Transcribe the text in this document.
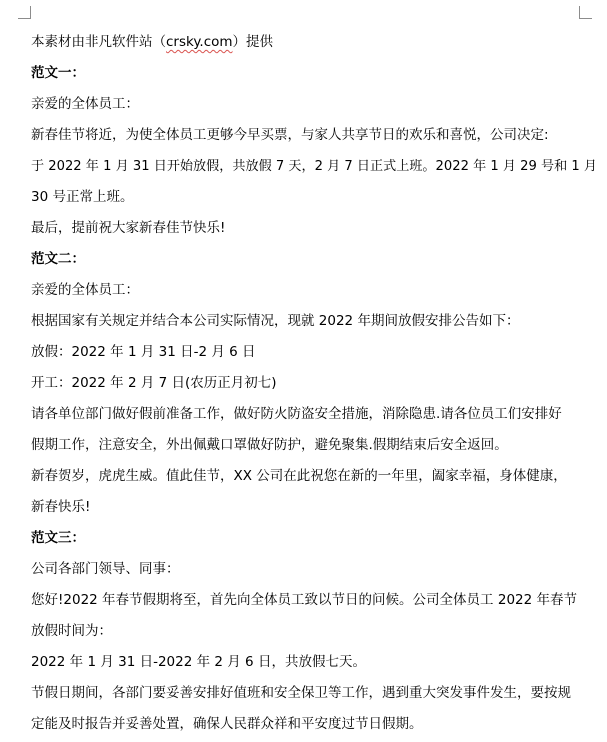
本素材由非凡软件站（crsky.com）提供
范文一：
亲爱的全体员工：
新春佳节将近，为使全体员工更够今早买票，与家人共享节日的欢乐和喜悦，公司决定:
于 2022 年 1 月 31 日开始放假，共放假 7 天，2 月 7 日正式上班。2022 年 1 月 29 号和 1 月
30 号正常上班。
最后，提前祝大家新春佳节快乐!
范文二：
亲爱的全体员工：
根据国家有关规定并结合本公司实际情况，现就 2022 年期间放假安排公告如下：
放假：2022 年 1 月 31 日-2 月 6 日
开工：2022 年 2 月 7 日(农历正月初七)
请各单位部门做好假前准备工作，做好防火防盗安全措施，消除隐患.请各位员工们安排好
假期工作，注意安全，外出佩戴口罩做好防护，避免聚集.假期结束后安全返回。
新春贺岁，虎虎生威。值此佳节，XX 公司在此祝您在新的一年里，阖家幸福，身体健康，
新春快乐!
范文三：
公司各部门领导、同事：
您好!2022 年春节假期将至，首先向全体员工致以节日的问候。公司全体员工 2022 年春节
放假时间为：
2022 年 1 月 31 日-2022 年 2 月 6 日，共放假七天。
节假日期间，各部门要妥善安排好值班和安全保卫等工作，遇到重大突发事件发生，要按规
定能及时报告并妥善处置，确保人民群众祥和平安度过节日假期。
